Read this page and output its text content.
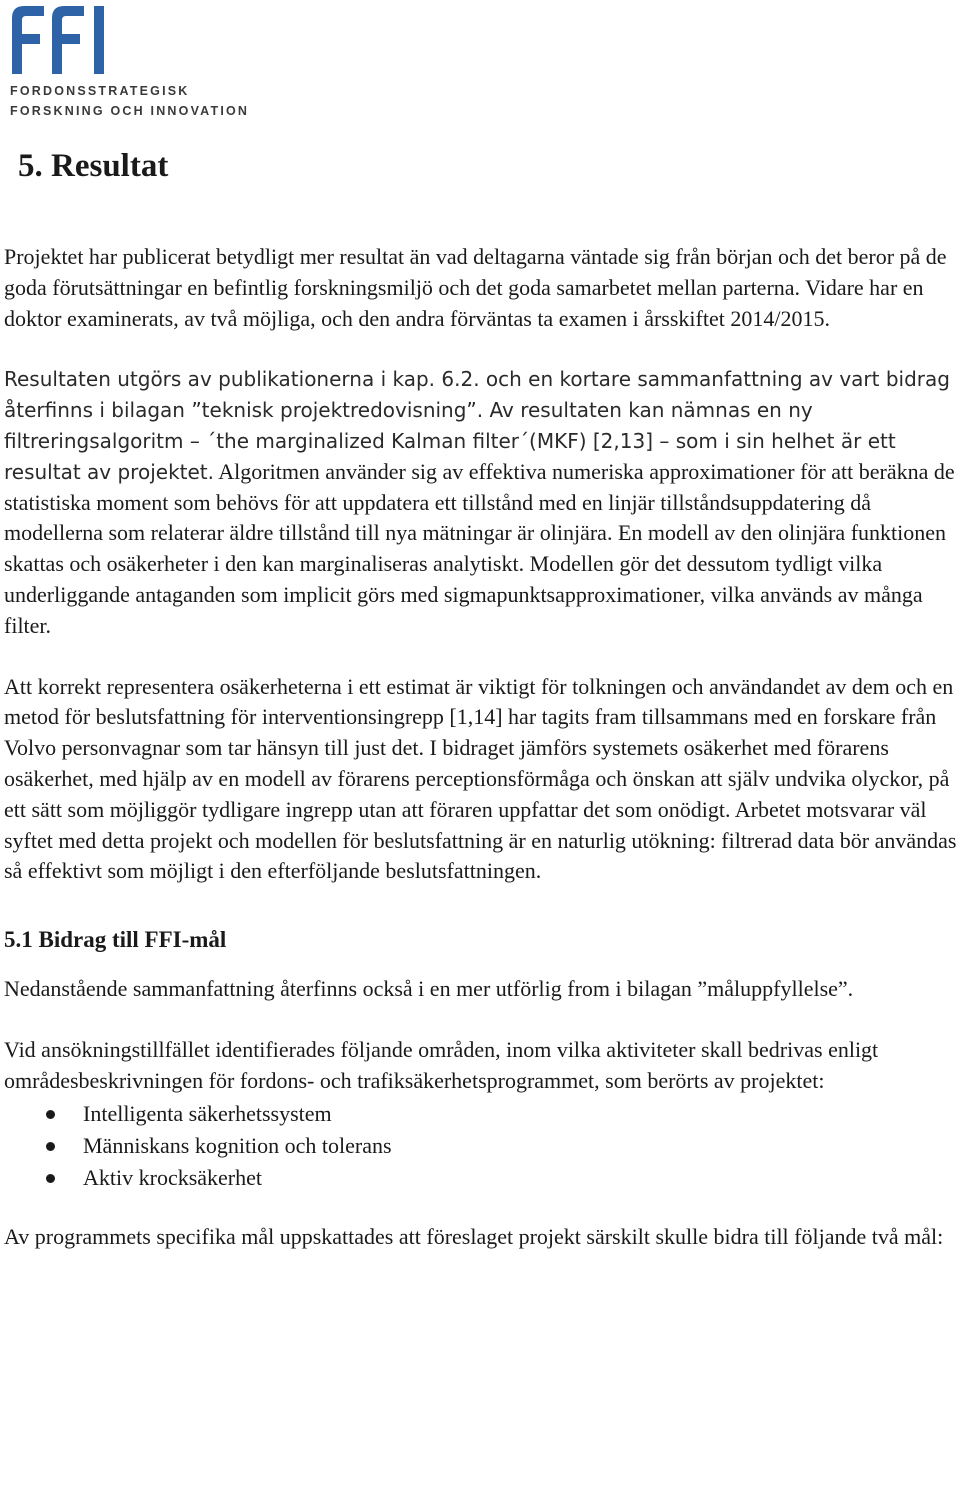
FORDONSSTRATEGISK
FORSKNING OCH INNOVATION
5. Resultat

Projektet har publicerat betydligt mer resultat än vad deltagarna väntade sig från början och det beror på de goda förutsättningar en befintlig forskningsmiljö och det goda samarbetet mellan parterna. Vidare har en doktor examinerats, av två möjliga, och den andra förväntas ta examen i årsskiftet 2014/2015.

Resultaten utgörs av publikationerna i kap. 6.2. och en kortare sammanfattning av vart bidrag återfinns i bilagan ”teknisk projektredovisning”. Av resultaten kan nämnas en ny filtreringsalgoritm – ´the marginalized Kalman filter´(MKF) [2,13] – som i sin helhet är ett resultat av projektet. Algoritmen använder sig av effektiva numeriska approximationer för att beräkna de statistiska moment som behövs för att uppdatera ett tillstånd med en linjär tillståndsuppdatering då modellerna som relaterar äldre tillstånd till nya mätningar är olinjära. En modell av den olinjära funktionen skattas och osäkerheter i den kan marginaliseras analytiskt. Modellen gör det dessutom tydligt vilka underliggande antaganden som implicit görs med sigmapunktsapproximationer, vilka används av många filter.

Att korrekt representera osäkerheterna i ett estimat är viktigt för tolkningen och användandet av dem och en metod för beslutsfattning för interventionsingrepp [1,14] har tagits fram tillsammans med en forskare från Volvo personvagnar som tar hänsyn till just det. I bidraget jämförs systemets osäkerhet med förarens osäkerhet, med hjälp av en modell av förarens perceptionsförmåga och önskan att själv undvika olyckor, på ett sätt som möjliggör tydligare ingrepp utan att föraren uppfattar det som onödigt. Arbetet motsvarar väl syftet med detta projekt och modellen för beslutsfattning är en naturlig utökning: filtrerad data bör användas så effektivt som möjligt i den efterföljande beslutsfattningen.

5.1 Bidrag till FFI-mål

Nedanstående sammanfattning återfinns också i en mer utförlig from i bilagan ”måluppfyllelse”.

Vid ansökningstillfället identifierades följande områden, inom vilka aktiviteter skall bedrivas enligt områdesbeskrivningen för fordons- och trafiksäkerhetsprogrammet, som berörts av projektet:

Intelligenta säkerhetssystem
Människans kognition och tolerans
Aktiv krocksäkerhet

Av programmets specifika mål uppskattades att föreslaget projekt särskilt skulle bidra till följande två mål:
